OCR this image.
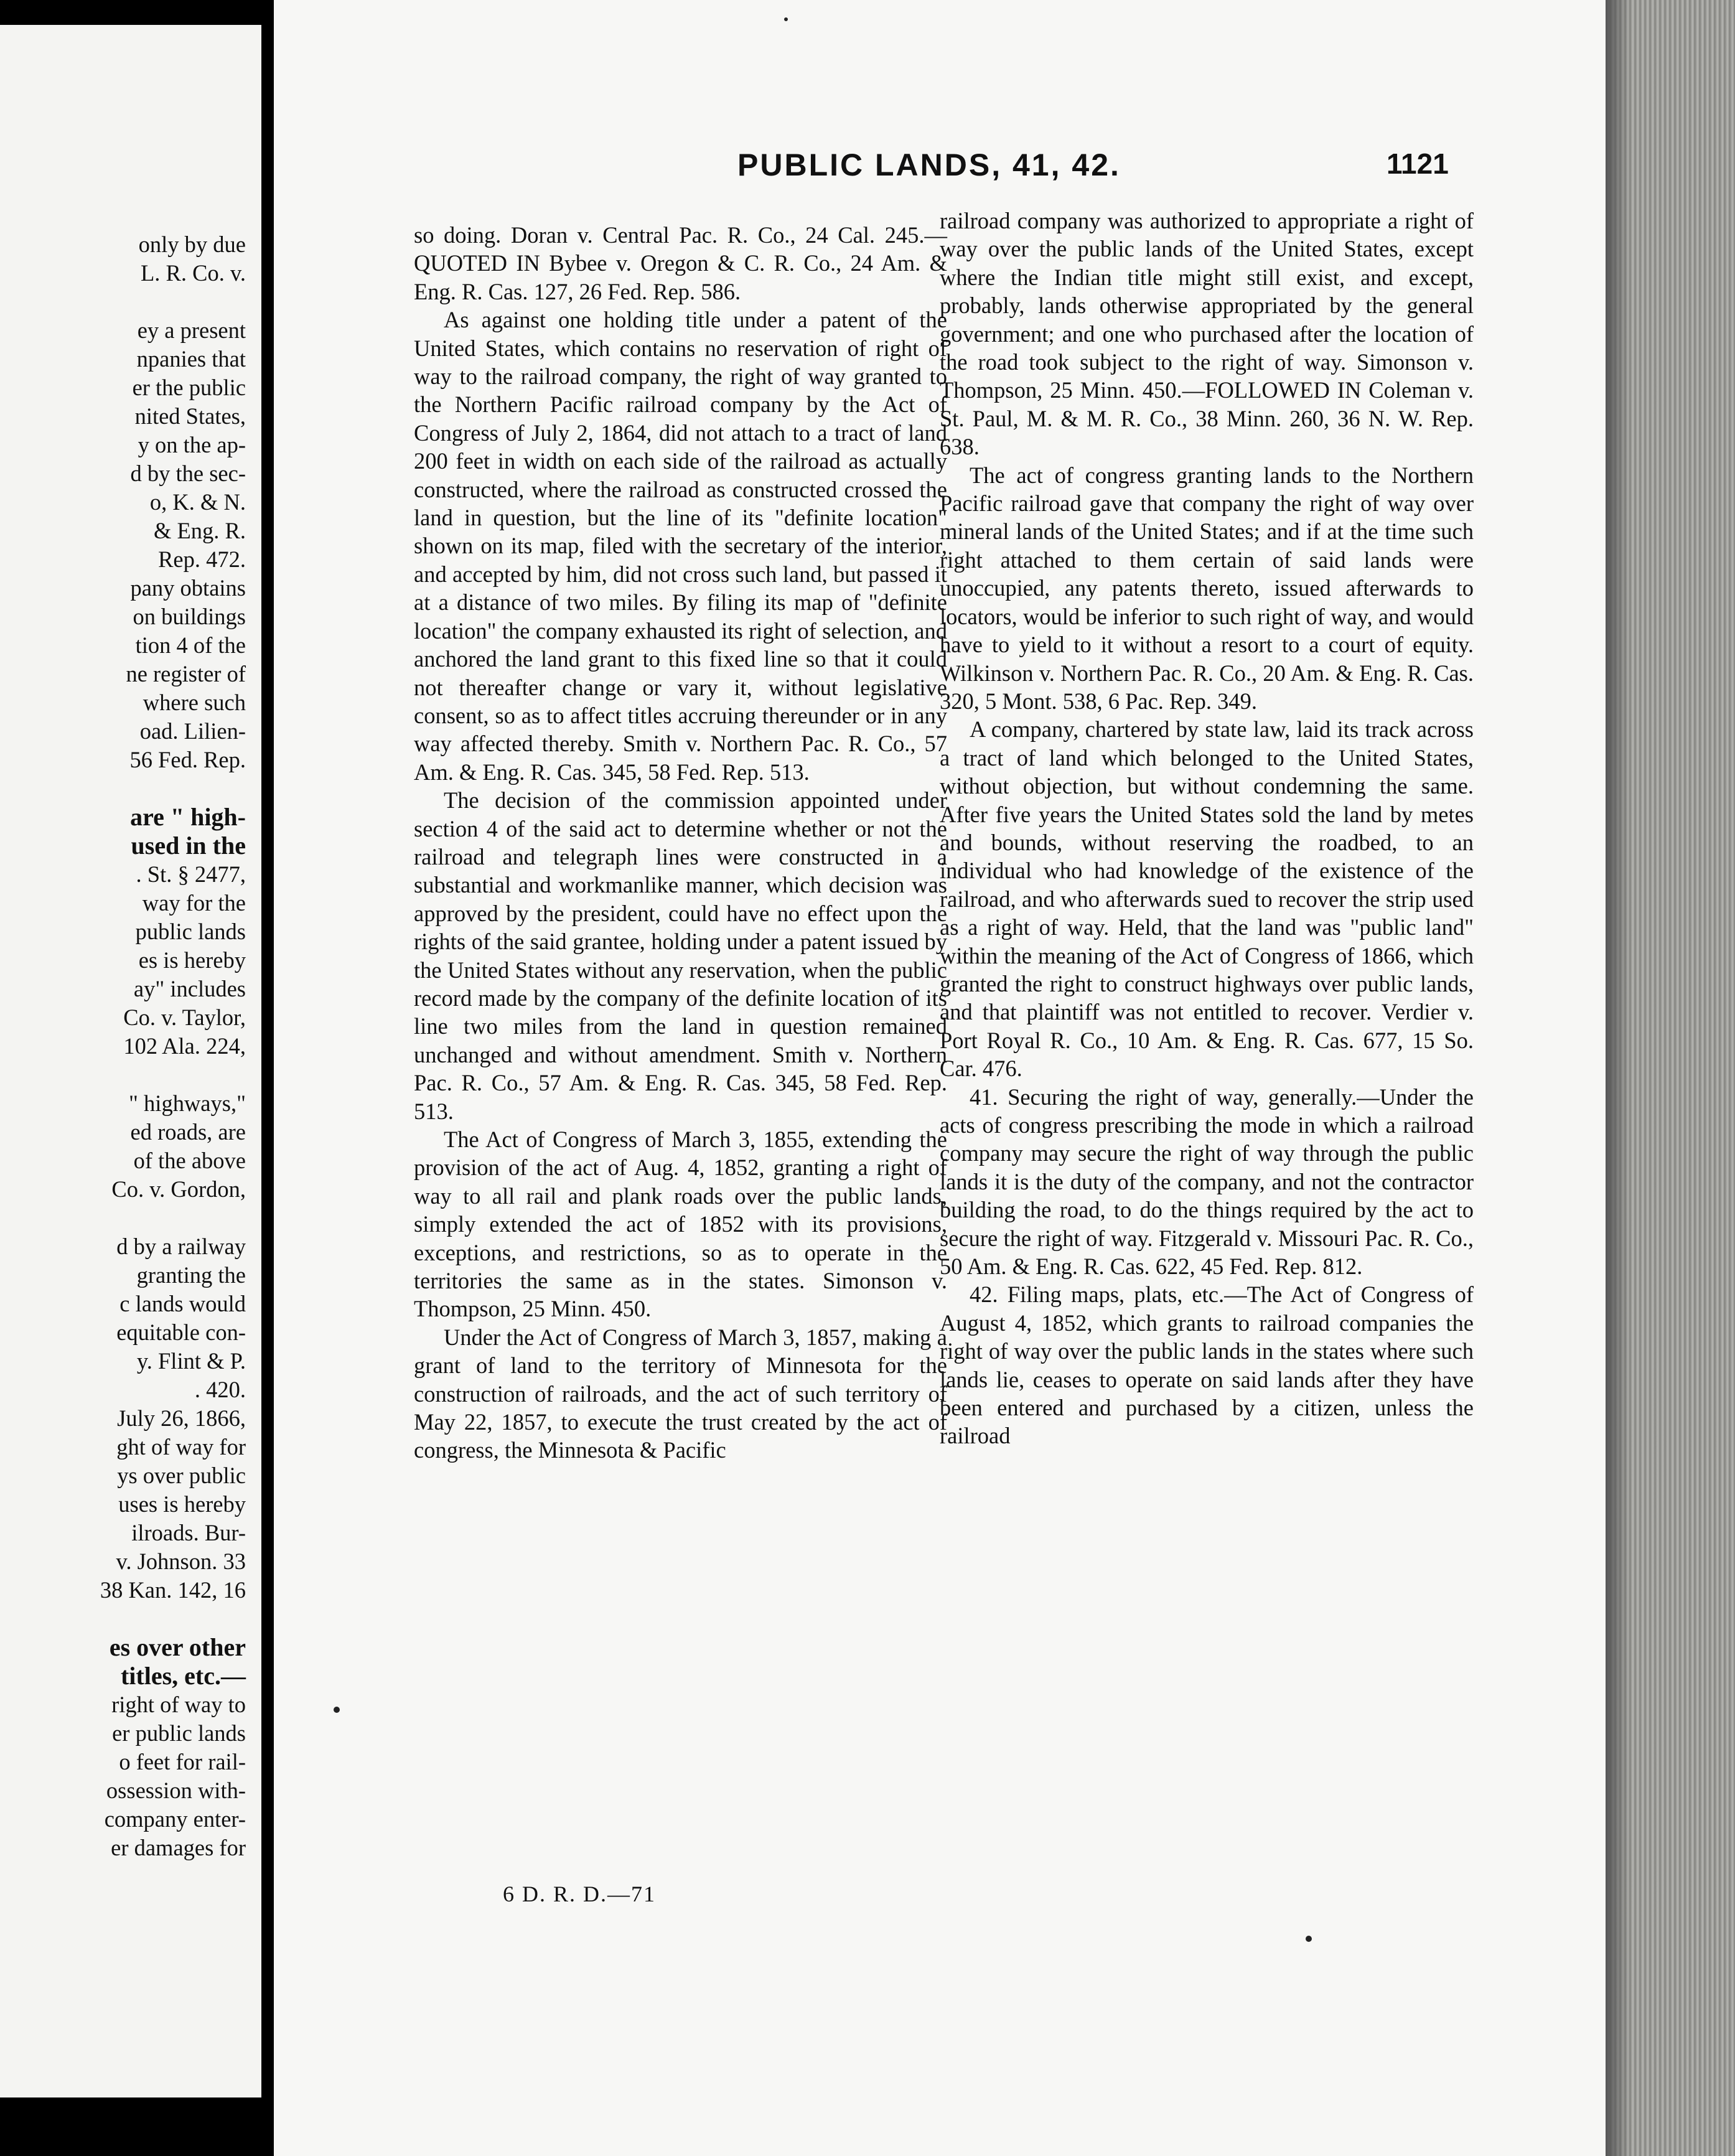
only by due

L. R. Co. v.

ey a present

npanies that

er the public

nited States,

y on the ap-

d by the sec-

o, K. & N.

& Eng. R.

Rep. 472.

pany obtains

on buildings

tion 4 of the

ne register of

where such

oad. Lilien-

56 Fed. Rep.

are " high-

used in the

. St. § 2477,

way for the

public lands

es is hereby

ay" includes

Co. v. Taylor,

102 Ala. 224,

" highways,"

ed roads, are

of the above

Co. v. Gordon,

d by a railway

granting the

c lands would

equitable con-

y. Flint & P.

. 420.

July 26, 1866,

ght of way for

ys over public

uses is hereby

ilroads. Bur-

v. Johnson. 33

38 Kan. 142, 16

es over other

titles, etc.—

right of way to

er public lands

o feet for rail-

ossession with-

company enter-

er damages for

PUBLIC LANDS, 41, 42.	1121

so doing. Doran v. Central Pac. R. Co., 24 Cal. 245.—QUOTED IN Bybee v. Oregon & C. R. Co., 24 Am. & Eng. R. Cas. 127, 26 Fed. Rep. 586.

As against one holding title under a patent of the United States, which contains no reservation of right of way to the railroad company, the right of way granted to the Northern Pacific railroad company by the Act of Congress of July 2, 1864, did not attach to a tract of land 200 feet in width on each side of the railroad as actually constructed, where the railroad as constructed crossed the land in question, but the line of its "definite location" shown on its map, filed with the secretary of the interior, and accepted by him, did not cross such land, but passed it at a distance of two miles. By filing its map of "definite location" the company exhausted its right of selection, and anchored the land grant to this fixed line so that it could not thereafter change or vary it, without legislative consent, so as to affect titles accruing thereunder or in any way affected thereby. Smith v. Northern Pac. R. Co., 57 Am. & Eng. R. Cas. 345, 58 Fed. Rep. 513.

The decision of the commission appointed under section 4 of the said act to determine whether or not the railroad and telegraph lines were constructed in a substantial and workmanlike manner, which decision was approved by the president, could have no effect upon the rights of the said grantee, holding under a patent issued by the United States without any reservation, when the public record made by the company of the definite location of its line two miles from the land in question remained unchanged and without amendment. Smith v. Northern Pac. R. Co., 57 Am. & Eng. R. Cas. 345, 58 Fed. Rep. 513.

The Act of Congress of March 3, 1855, extending the provision of the act of Aug. 4, 1852, granting a right of way to all rail and plank roads over the public lands, simply extended the act of 1852 with its provisions, exceptions, and restrictions, so as to operate in the territories the same as in the states. Simonson v. Thompson, 25 Minn. 450.

Under the Act of Congress of March 3, 1857, making a grant of land to the territory of Minnesota for the construction of railroads, and the act of such territory of May 22, 1857, to execute the trust created by the act of congress, the Minnesota & Pacific

railroad company was authorized to appropriate a right of way over the public lands of the United States, except where the Indian title might still exist, and except, probably, lands otherwise appropriated by the general government; and one who purchased after the location of the road took subject to the right of way. Simonson v. Thompson, 25 Minn. 450.—FOLLOWED IN Coleman v. St. Paul, M. & M. R. Co., 38 Minn. 260, 36 N. W. Rep. 638.

The act of congress granting lands to the Northern Pacific railroad gave that company the right of way over mineral lands of the United States; and if at the time such right attached to them certain of said lands were unoccupied, any patents thereto, issued afterwards to locators, would be inferior to such right of way, and would have to yield to it without a resort to a court of equity. Wilkinson v. Northern Pac. R. Co., 20 Am. & Eng. R. Cas. 320, 5 Mont. 538, 6 Pac. Rep. 349.

A company, chartered by state law, laid its track across a tract of land which belonged to the United States, without objection, but without condemning the same. After five years the United States sold the land by metes and bounds, without reserving the roadbed, to an individual who had knowledge of the existence of the railroad, and who afterwards sued to recover the strip used as a right of way. Held, that the land was "public land" within the meaning of the Act of Congress of 1866, which granted the right to construct highways over public lands, and that plaintiff was not entitled to recover. Verdier v. Port Royal R. Co., 10 Am. & Eng. R. Cas. 677, 15 So. Car. 476.

41. Securing the right of way, generally.—Under the acts of congress prescribing the mode in which a railroad company may secure the right of way through the public lands it is the duty of the company, and not the contractor building the road, to do the things required by the act to secure the right of way. Fitzgerald v. Missouri Pac. R. Co., 50 Am. & Eng. R. Cas. 622, 45 Fed. Rep. 812.

42. Filing maps, plats, etc.—The Act of Congress of August 4, 1852, which grants to railroad companies the right of way over the public lands in the states where such lands lie, ceases to operate on said lands after they have been entered and purchased by a citizen, unless the railroad

6 D. R. D.—71
